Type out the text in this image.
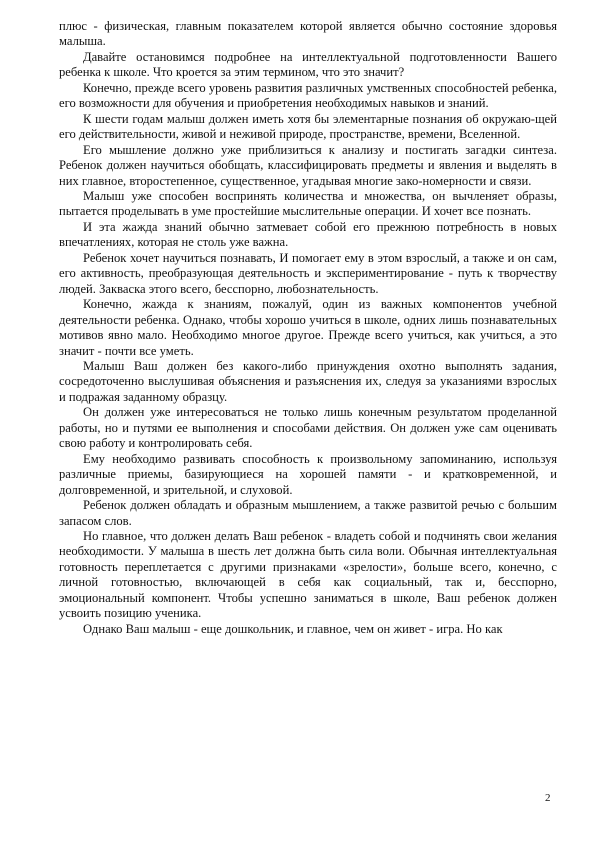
плюс - физическая, главным показателем которой является обычно состояние здоровья малыша.

Давайте остановимся подробнее на интеллектуальной подготовленности Вашего ребенка к школе. Что кроется за этим термином, что это значит?

Конечно, прежде всего уровень развития различных умственных способностей ребенка, его возможности для обучения и приобретения необходимых навыков и знаний.

К шести годам малыш должен иметь хотя бы элементарные познания об окружаю-щей его действительности, живой и неживой природе, пространстве, времени, Вселенной.

Его мышление должно уже приблизиться к анализу и постигать загадки синтеза. Ребенок должен научиться обобщать, классифицировать предметы и явления и выделять в них главное, второстепенное, существенное, угадывая многие зако-номерности и связи.

Малыш уже способен воспринять количества и множества, он вычленяет образы, пытается проделывать в уме простейшие мыслительные операции. И хочет все познать.

И эта жажда знаний обычно затмевает собой его прежнюю потребность в новых впечатлениях, которая не столь уже важна.

Ребенок хочет научиться познавать, И помогает ему в этом взрослый, а также и он сам, его активность, преобразующая деятельность и экспериментирование - путь к творчеству людей. Закваска этого всего, бесспорно, любознательность.

Конечно, жажда к знаниям, пожалуй, один из важных компонентов учебной деятельности ребенка. Однако, чтобы хорошо учиться в школе, одних лишь познавательных мотивов явно мало. Необходимо многое другое. Прежде всего учиться, как учиться, а это значит - почти все уметь.

Малыш Ваш должен без какого-либо принуждения охотно выполнять задания, сосредоточенно выслушивая объяснения и разъяснения их, следуя за указаниями взрослых и подражая заданному образцу.

Он должен уже интересоваться не только лишь конечным результатом проделанной работы, но и путями ее выполнения и способами действия. Он должен уже сам оценивать свою работу и контролировать себя.

Ему необходимо развивать способность к произвольному запоминанию, используя различные приемы, базирующиеся на хорошей памяти - и кратковременной, и долговременной, и зрительной, и слуховой.

Ребенок должен обладать и образным мышлением, а также развитой речью с большим запасом слов.

Но главное, что должен делать Ваш ребенок - владеть собой и подчинять свои желания необходимости. У малыша в шесть лет должна быть сила воли. Обычная интеллектуальная готовность переплетается с другими признаками «зрелости», больше всего, конечно, с личной готовностью, включающей в себя как социальный, так и, бесспорно, эмоциональный компонент. Чтобы успешно заниматься в школе, Ваш ребенок должен усвоить позицию ученика.

Однако Ваш малыш - еще дошкольник, и главное, чем он живет - игра. Но как

2
